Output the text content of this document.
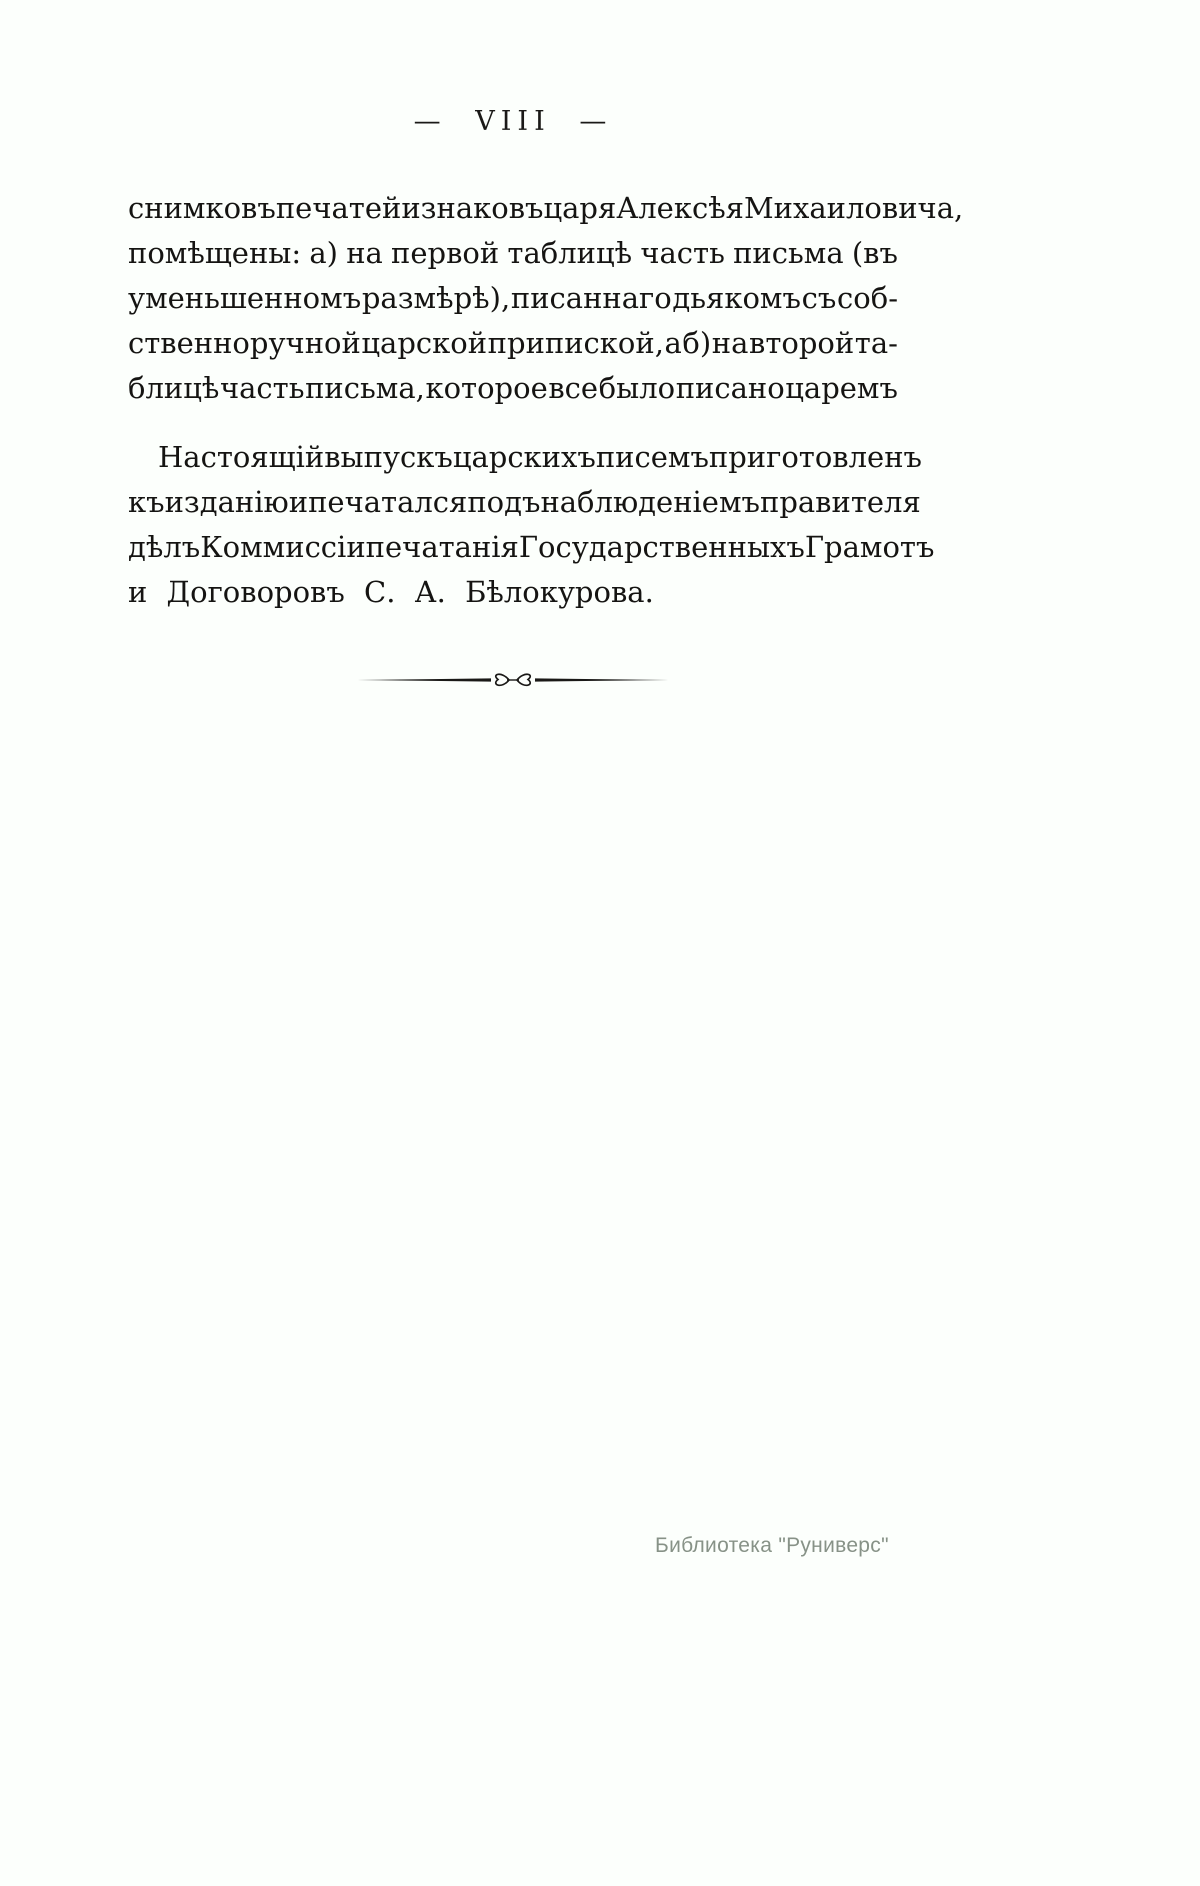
— VIII —
снимковъ печатей и знаковъ царя Алексѣя Михаиловича,
помѣщены: а) на первой таблицѣ часть письма (въ
уменьшенномъ размѣрѣ), писаннаго дьякомъ съ соб-
ственноручной царской припиской, а б) на второй та-
блицѣ часть письма, которое все было писано царемъ
Настоящій выпускъ царскихъ писемъ приготовленъ
къ изданію и печатался подъ наблюденіемъ правителя
дѣлъ Коммиссіи печатанія Государственныхъ Грамотъ
и Договоровъ С. А. Бѣлокурова.
Библиотека "Руниверс"
